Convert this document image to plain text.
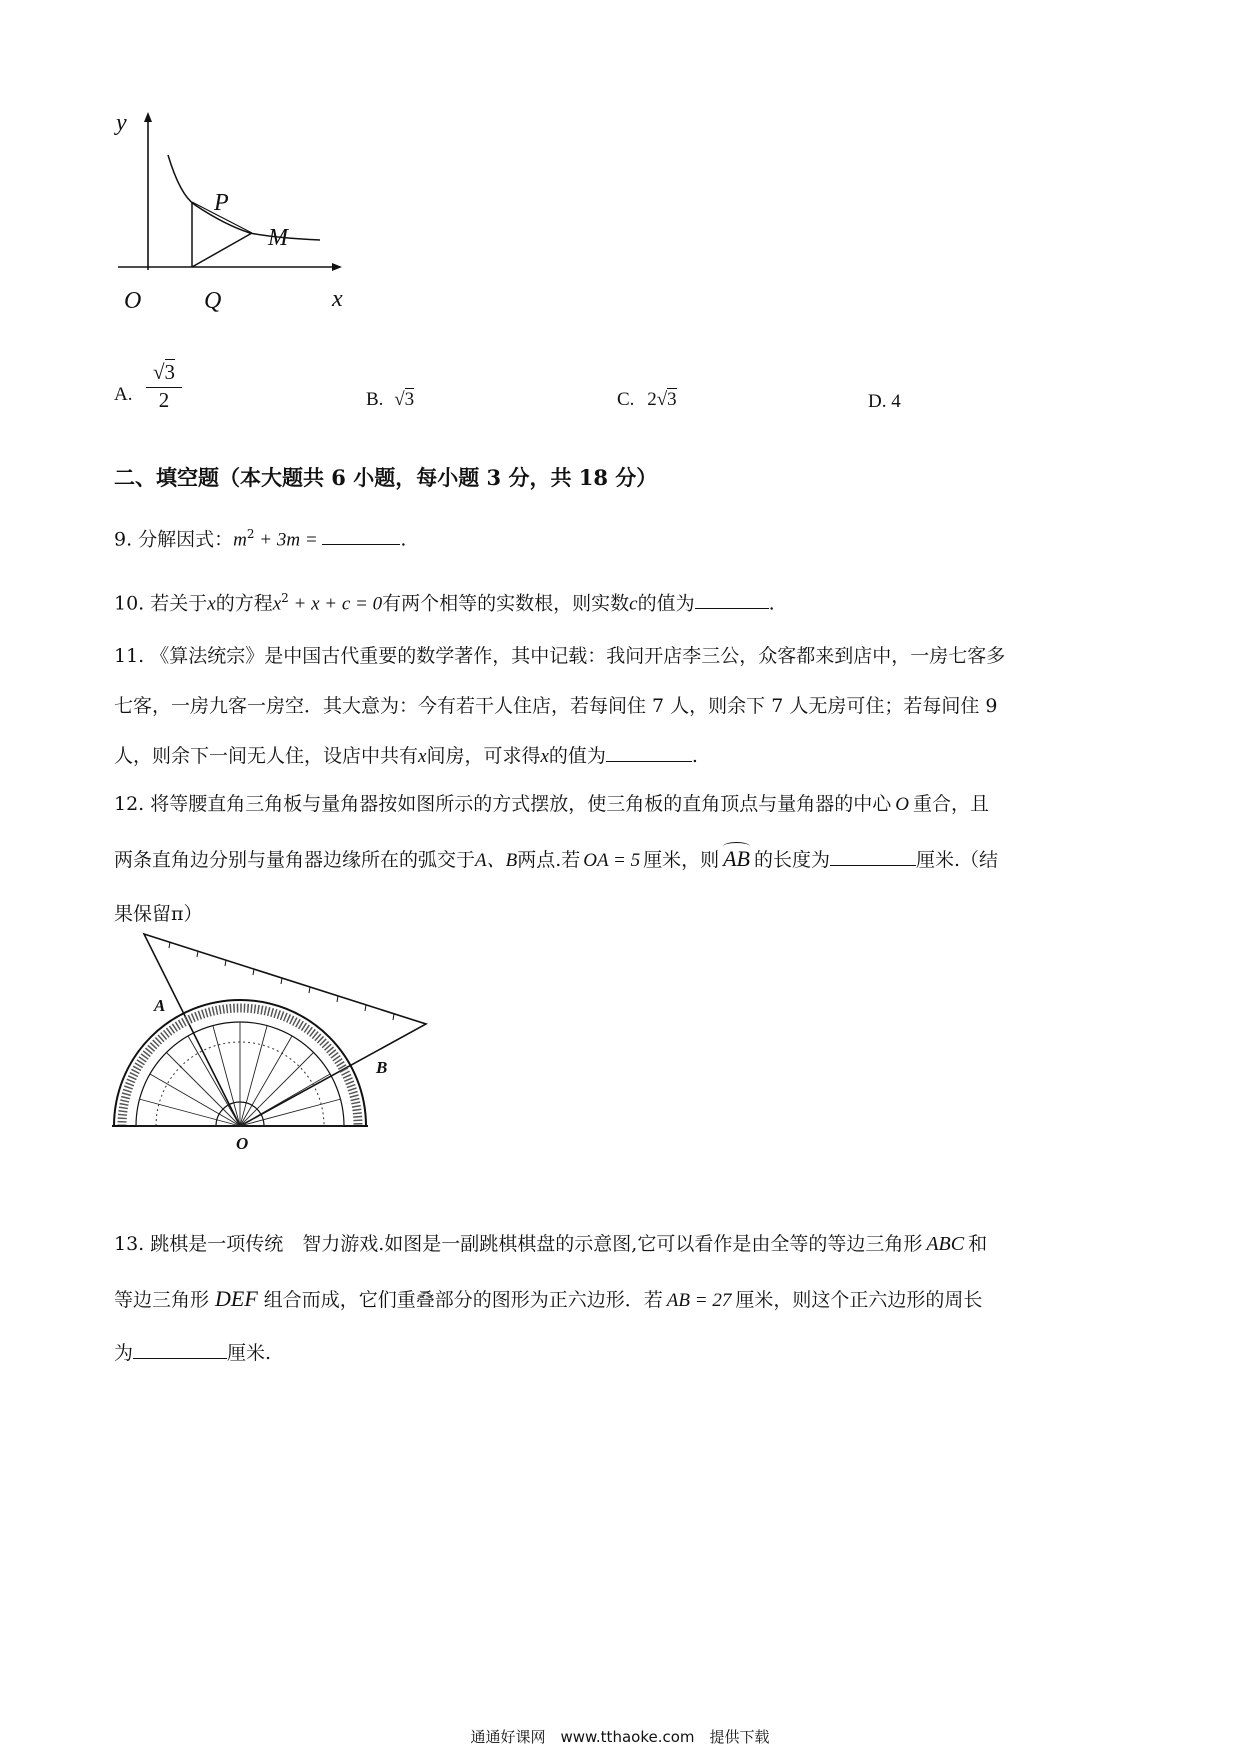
y
x
O
P
M
Q
A. $\frac{√3}{2}$	B. √3	C. 2√3	D. 4
二、填空题（本大题共 6 小题，每小题 3 分，共 18 分）
9. 分解因式：$m^2 + 3m$ =	.
10. 若关于x的方程$x^2 + x + c = 0$有两个相等的实数根，则实数c的值为	.
11. 《算法统宗》是中国古代重要的数学著作，其中记载：我问开店李三公，众客都来到店中，一房七客多
七客，一房九客一房空．其大意为：今有若干人住店，若每间住 7 人，则余下 7 人无房可住；若每间住 9
人，则余下一间无人住，设店中共有x间房，可求得x的值为	.
12. 将等腰直角三角板与量角器按如图所示的方式摆放，使三角板的直角顶点与量角器的中心 O 重合，且
两条直角边分别与量角器边缘所在的弧交于A、B两点.若 OA = 5 厘米，则 AB 的长度为	厘米.（结
果保留π）
A
B
O
13. 跳棋是一项传统　智力游戏.如图是一副跳棋棋盘的示意图,它可以看作是由全等的等边三角形 ABC 和
等边三角形 DEF 组合而成，它们重叠部分的图形为正六边形．若 AB = 27 厘米，则这个正六边形的周长
为	厘米.
通通好课网　www.tthaoke.com　提供下载
